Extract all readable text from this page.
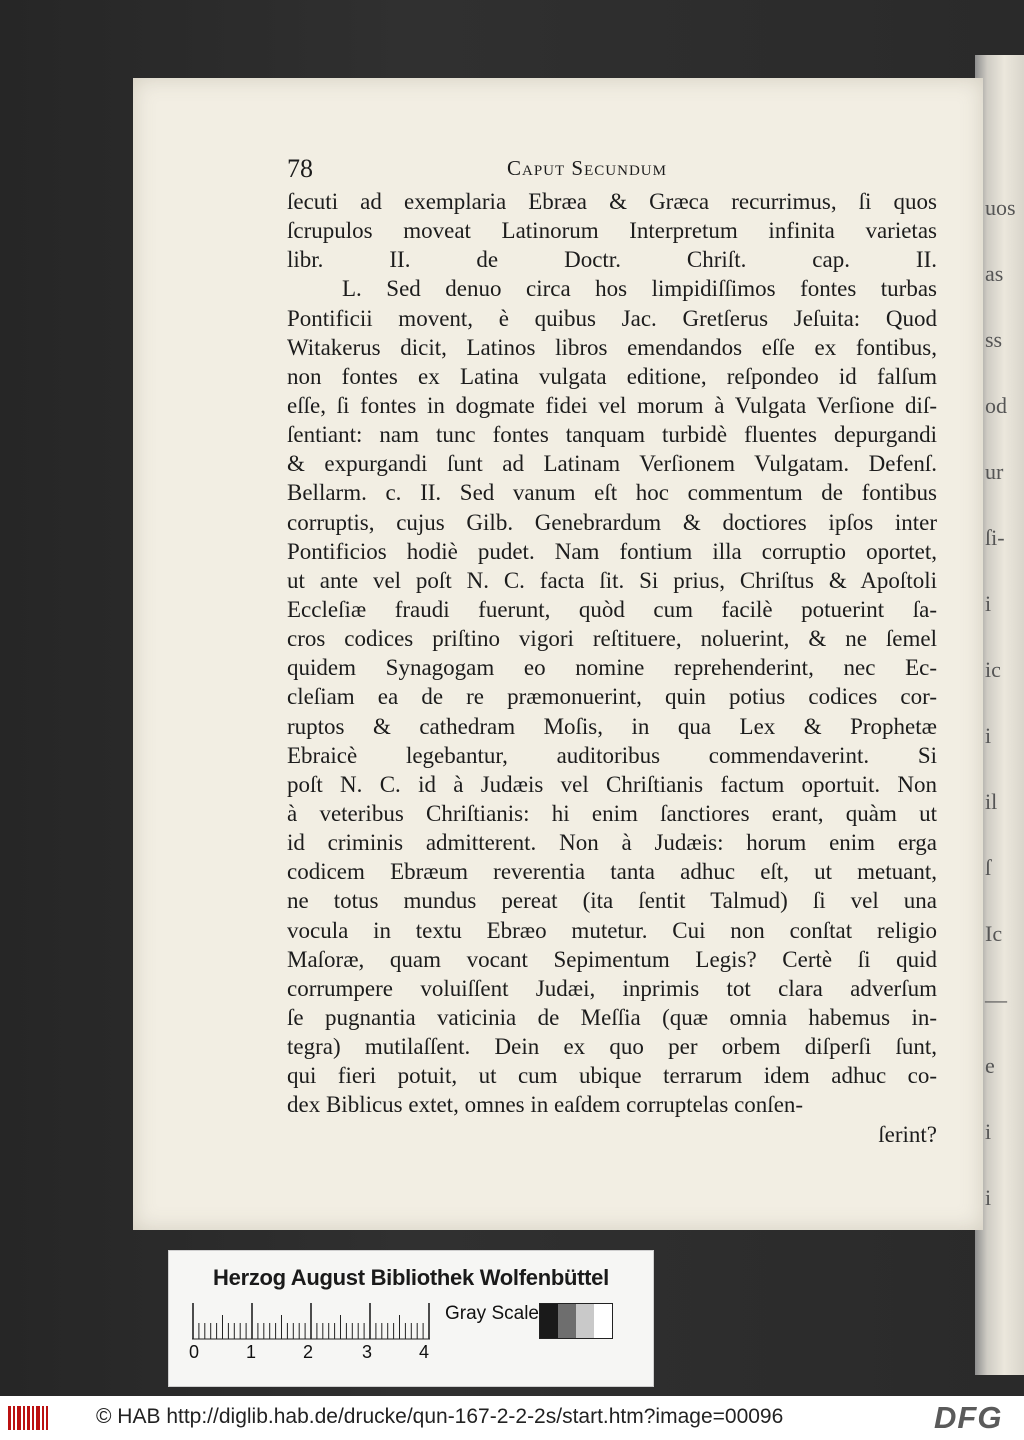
uos
as
ss
od
ur
ſi-
i
ic
i
il
ſ
Ic
—
e
i
i
78	Caput Secundum
ſecuti ad exemplaria Ebræa & Græca recurrimus, ſi quos
ſcrupulos moveat Latinorum Interpretum infinita varietas
libr. II. de Doctr. Chriſt. cap. II.
L. Sed denuo circa hos limpidiſſimos fontes turbas
Pontificii movent, è quibus Jac. Gretſerus Jeſuita: Quod
Witakerus dicit, Latinos libros emendandos eſſe ex fontibus,
non fontes ex Latina vulgata editione, reſpondeo id falſum
eſſe, ſi fontes in dogmate fidei vel morum à Vulgata Verſione diſ-
ſentiant: nam tunc fontes tanquam turbidè fluentes depurgandi
& expurgandi ſunt ad Latinam Verſionem Vulgatam. Defenſ.
Bellarm. c. II. Sed vanum eſt hoc commentum de fontibus
corruptis, cujus Gilb. Genebrardum & doctiores ipſos inter
Pontificios hodiè pudet. Nam fontium illa corruptio oportet,
ut ante vel poſt N. C. facta ſit. Si prius, Chriſtus & Apoſtoli
Eccleſiæ fraudi fuerunt, quòd cum facilè potuerint ſa-
cros codices priſtino vigori reſtituere, noluerint, & ne ſemel
quidem Synagogam eo nomine reprehenderint, nec Ec-
cleſiam ea de re præmonuerint, quin potius codices cor-
ruptos & cathedram Moſis, in qua Lex & Prophetæ
Ebraicè legebantur, auditoribus commendaverint. Si
poſt N. C. id à Judæis vel Chriſtianis factum oportuit. Non
à veteribus Chriſtianis: hi enim ſanctiores erant, quàm ut
id criminis admitterent. Non à Judæis: horum enim erga
codicem Ebræum reverentia tanta adhuc eſt, ut metuant,
ne totus mundus pereat (ita ſentit Talmud) ſi vel una
vocula in textu Ebræo mutetur. Cui non conſtat religio
Maſoræ, quam vocant Sepimentum Legis? Certè ſi quid
corrumpere voluiſſent Judæi, inprimis tot clara adverſum
ſe pugnantia vaticinia de Meſſia (quæ omnia habemus in-
tegra) mutilaſſent. Dein ex quo per orbem diſperſi ſunt,
qui fieri potuit, ut cum ubique terrarum idem adhuc co-
dex Biblicus extet, omnes in eaſdem corruptelas conſen-
ſerint?
Herzog August Bibliothek Wolfenbüttel
0	1	2	3	4
Gray Scale
© HAB http://diglib.hab.de/drucke/qun-167-2-2-2s/start.htm?image=00096	DFG
